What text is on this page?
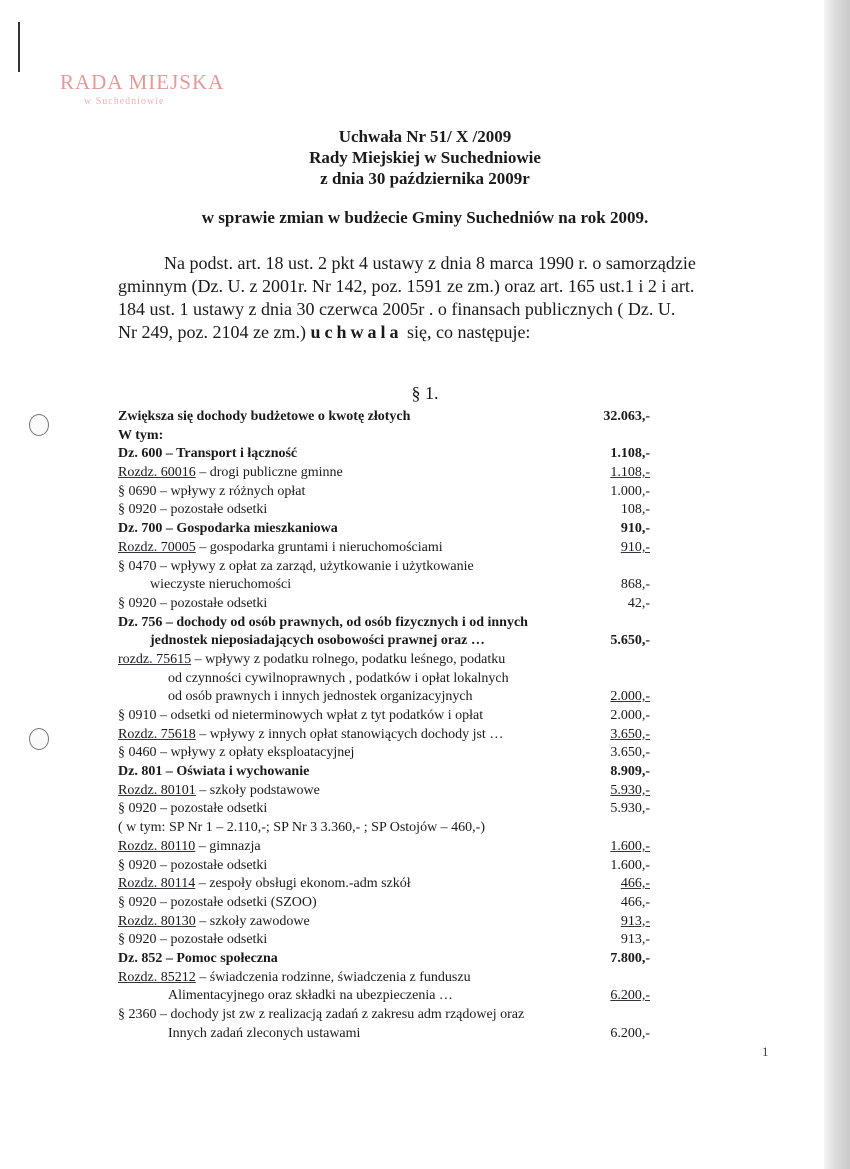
RADA MIEJSKA
w Suchedniowie
Uchwała Nr 51/ X /2009
Rady Miejskiej w Suchedniowie
z dnia 30 października 2009r
w sprawie zmian w budżecie Gminy Suchedniów na rok 2009.
Na podst. art. 18 ust. 2 pkt 4 ustawy z dnia 8 marca 1990 r. o samorządzie
gminnym (Dz. U. z 2001r. Nr 142, poz. 1591 ze zm.) oraz art. 165 ust.1 i 2 i art.
184 ust. 1 ustawy z dnia 30 czerwca 2005r . o finansach publicznych ( Dz. U.
Nr 249, poz. 2104 ze zm.) uchwala się, co następuje:
§ 1.
Zwiększa się dochody budżetowe o kwotę złotych	32.063,-
W tym:
Dz. 600 – Transport i łączność	1.108,-
Rozdz. 60016 – drogi publiczne gminne	1.108,-
§ 0690 – wpływy z różnych opłat	1.000,-
§ 0920 – pozostałe odsetki	108,-
Dz. 700 – Gospodarka mieszkaniowa	910,-
Rozdz. 70005 – gospodarka gruntami i nieruchomościami	910,-
§ 0470 – wpływy z opłat za zarząd, użytkowanie i użytkowanie
wieczyste nieruchomości	868,-
§ 0920 – pozostałe odsetki	42,-
Dz. 756 – dochody od osób prawnych, od osób fizycznych i od innych
jednostek nieposiadających osobowości prawnej oraz …	5.650,-
rozdz. 75615 – wpływy z podatku rolnego, podatku leśnego, podatku
od czynności cywilnoprawnych , podatków i opłat lokalnych
od osób prawnych i innych jednostek organizacyjnych	2.000,-
§ 0910 – odsetki od nieterminowych wpłat z tyt podatków i opłat	2.000,-
Rozdz. 75618 – wpływy z innych opłat stanowiących dochody jst …	3.650,-
§ 0460 – wpływy z opłaty eksploatacyjnej	3.650,-
Dz. 801 – Oświata i wychowanie	8.909,-
Rozdz. 80101 – szkoły podstawowe	5.930,-
§ 0920 – pozostałe odsetki	5.930,-
( w tym: SP Nr 1 – 2.110,-; SP Nr 3 3.360,- ; SP Ostojów – 460,-)
Rozdz. 80110 – gimnazja	1.600,-
§ 0920 – pozostałe odsetki	1.600,-
Rozdz. 80114 – zespoły obsługi ekonom.-adm szkół	466,-
§ 0920 – pozostałe odsetki (SZOO)	466,-
Rozdz. 80130 – szkoły zawodowe	913,-
§ 0920 – pozostałe odsetki	913,-
Dz. 852 – Pomoc społeczna	7.800,-
Rozdz. 85212 – świadczenia rodzinne, świadczenia z funduszu
Alimentacyjnego oraz składki na ubezpieczenia …	6.200,-
§ 2360 – dochody jst zw z realizacją zadań z zakresu adm rządowej oraz
Innych zadań zleconych ustawami	6.200,-
1
